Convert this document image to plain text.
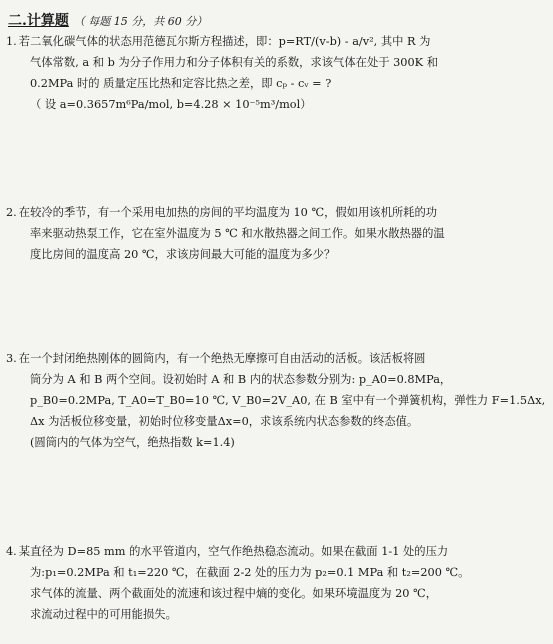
二.计算题 （ 每题 15 分，共 60 分）
1. 若二氧化碳气体的状态用范德瓦尔斯方程描述，即：p=RT/(v-b) - a/v², 其中 R 为
气体常数, a 和 b 为分子作用力和分子体积有关的系数，求该气体在处于 300K 和
0.2MPa 时的 质量定压比热和定容比热之差，即 cₚ - cᵥ = ?
（ 设 a=0.3657m⁶Pa/mol, b=4.28 × 10⁻⁵m³/mol）
2. 在较冷的季节，有一个采用电加热的房间的平均温度为 10 ℃，假如用该机所耗的功
率来驱动热泵工作，它在室外温度为 5 ℃ 和水散热器之间工作。如果水散热器的温
度比房间的温度高 20 ℃，求该房间最大可能的温度为多少？
3. 在一个封闭绝热刚体的圆筒内，有一个绝热无摩擦可自由活动的活板。该活板将圆
筒分为 A 和 B 两个空间。设初始时 A 和 B 内的状态参数分别为: p_A0=0.8MPa，
p_B0=0.2MPa, T_A0=T_B0=10 ℃, V_B0=2V_A0, 在 B 室中有一个弹簧机构，弹性力 F=1.5Δx,
Δx 为活板位移变量，初始时位移变量Δx=0，求该系统内状态参数的终态值。
(圆筒内的气体为空气，绝热指数 k=1.4)
4. 某直径为 D=85 mm 的水平管道内，空气作绝热稳态流动。如果在截面 1-1 处的压力
为:p₁=0.2MPa 和 t₁=220 ℃，在截面 2-2 处的压力为 p₂=0.1 MPa 和 t₂=200 ℃。
求气体的流量、两个截面处的流速和该过程中熵的变化。如果环境温度为 20 ℃，
求流动过程中的可用能损失。
